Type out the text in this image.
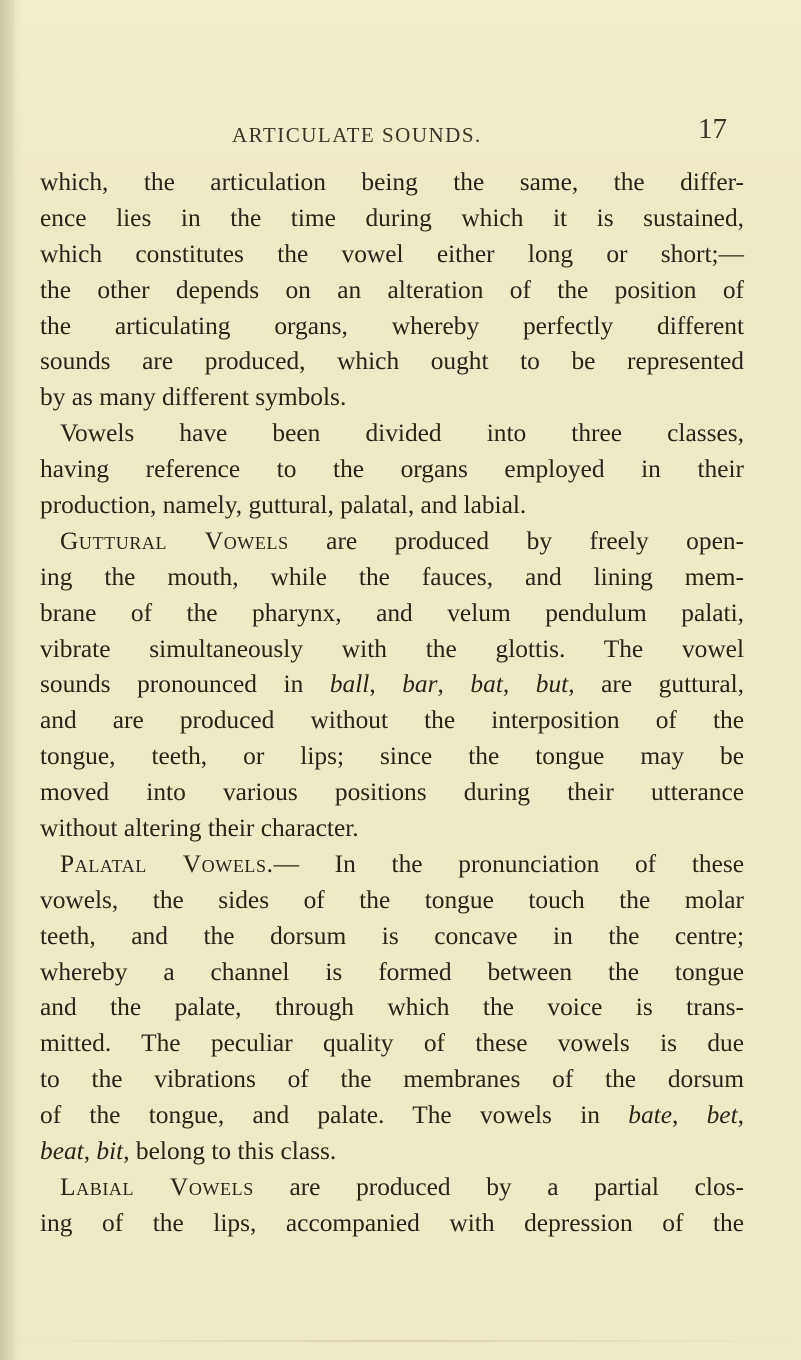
ARTICULATE SOUNDS.	17
which, the articulation being the same, the differ-
ence lies in the time during which it is sustained,
which constitutes the vowel either long or short;—
the other depends on an alteration of the position of
the articulating organs, whereby perfectly different
sounds are produced, which ought to be represented
by as many different symbols.
Vowels have been divided into three classes,
having reference to the organs employed in their
production, namely, guttural, palatal, and labial.
Guttural Vowels are produced by freely open-
ing the mouth, while the fauces, and lining mem-
brane of the pharynx, and velum pendulum palati,
vibrate simultaneously with the glottis. The vowel
sounds pronounced in ball, bar, bat, but, are guttural,
and are produced without the interposition of the
tongue, teeth, or lips; since the tongue may be
moved into various positions during their utterance
without altering their character.
Palatal Vowels.— In the pronunciation of these
vowels, the sides of the tongue touch the molar
teeth, and the dorsum is concave in the centre;
whereby a channel is formed between the tongue
and the palate, through which the voice is trans-
mitted. The peculiar quality of these vowels is due
to the vibrations of the membranes of the dorsum
of the tongue, and palate. The vowels in bate, bet,
beat, bit, belong to this class.
Labial Vowels are produced by a partial clos-
ing of the lips, accompanied with depression of the
